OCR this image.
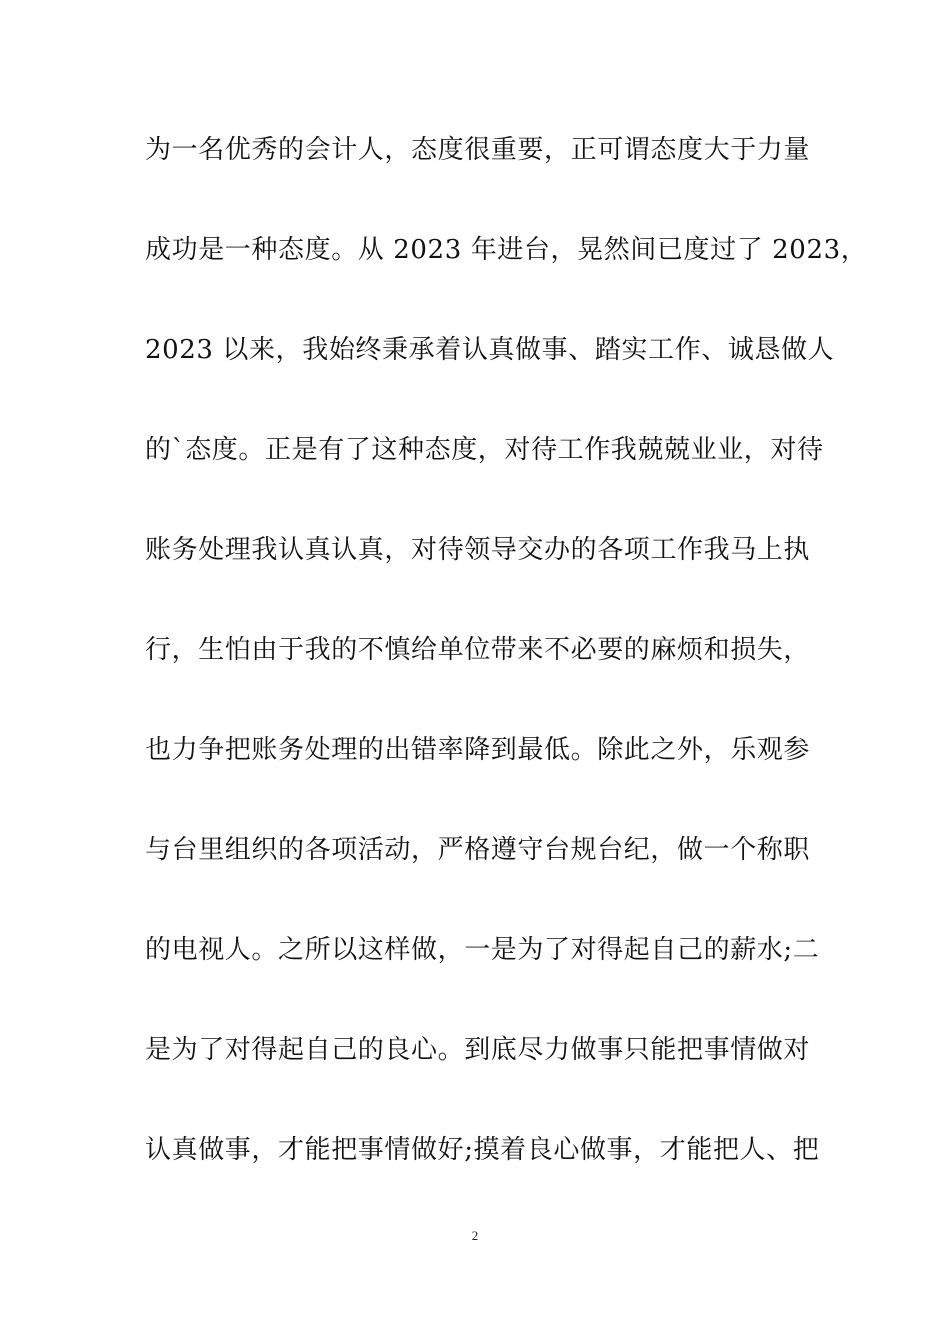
为一名优秀的会计人，态度很重要，正可谓态度大于力量
成功是一种态度。从 2023 年进台，晃然间已度过了 2023，
2023 以来，我始终秉承着认真做事、踏实工作、诚恳做人
的`态度。正是有了这种态度，对待工作我兢兢业业，对待
账务处理我认真认真，对待领导交办的各项工作我马上执
行，生怕由于我的不慎给单位带来不必要的麻烦和损失，
也力争把账务处理的出错率降到最低。除此之外，乐观参
与台里组织的各项活动，严格遵守台规台纪，做一个称职
的电视人。之所以这样做，一是为了对得起自己的薪水;二
是为了对得起自己的良心。到底尽力做事只能把事情做对
认真做事，才能把事情做好;摸着良心做事，才能把人、把
2
